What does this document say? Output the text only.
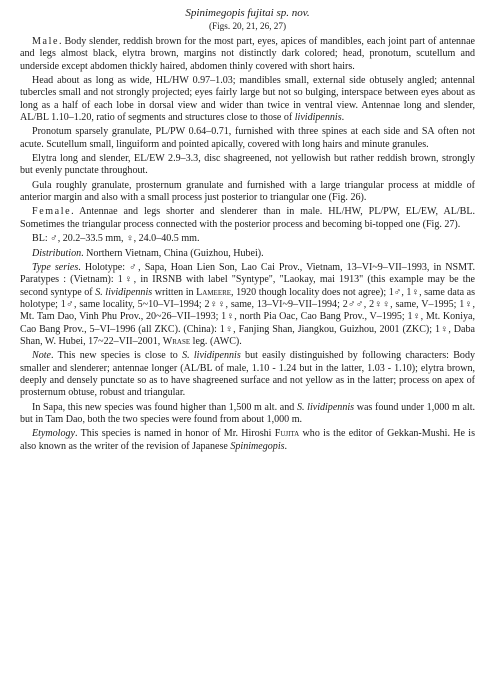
Spinimegopis fujitai sp. nov.
(Figs. 20, 21, 26, 27)

Male. Body slender, reddish brown for the most part, eyes, apices of mandibles, each joint part of antennae and legs almost black, elytra brown, margins not distinctly dark colored; head, pronotum, scutellum and underside except abdomen thickly haired, abdomen thinly covered with short hairs.

Head about as long as wide, HL/HW 0.97–1.03; mandibles small, external side obtusely angled; antennal tubercles small and not strongly projected; eyes fairly large but not so bulging, interspace between eyes about as long as a half of each lobe in dorsal view and wider than twice in ventral view. Antennae long and slender, AL/BL 1.10–1.20, ratio of segments and structures close to those of lividipennis.

Pronotum sparsely granulate, PL/PW 0.64–0.71, furnished with three spines at each side and SA often not acute. Scutellum small, linguiform and pointed apically, covered with long hairs and minute granules.

Elytra long and slender, EL/EW 2.9–3.3, disc shagreened, not yellowish but rather reddish brown, strongly but evenly punctate throughout.

Gula roughly granulate, prosternum granulate and furnished with a large triangular process at middle of anterior margin and also with a small process just posterior to triangular one (Fig. 26).

Female. Antennae and legs shorter and slenderer than in male. HL/HW, PL/PW, EL/EW, AL/BL. Sometimes the triangular process connected with the posterior process and becoming bi-topped one (Fig. 27).

BL: ♂, 20.2–33.5 mm, ♀, 24.0–40.5 mm.

Distribution. Northern Vietnam, China (Guizhou, Hubei).

Type series. Holotype: ♂, Sapa, Hoan Lien Son, Lao Cai Prov., Vietnam, 13–VI~9–VII–1993, in NSMT. Paratypes : (Vietnam): 1♀, in IRSNB with label "Syntype", "Laokay, mai 1913" (this example may be the second syntype of S. lividipennis written in Lameere, 1920 though locality does not agree); 1♂, 1♀, same data as holotype; 1♂, same locality, 5~10–VI–1994; 2♀♀, same, 13–VI~9–VII–1994; 2♂♂, 2♀♀, same, V–1995; 1♀, Mt. Tam Dao, Vinh Phu Prov., 20~26–VII–1993; 1♀, north Pia Oac, Cao Bang Prov., V–1995; 1♀, Mt. Koniya, Cao Bang Prov., 5–VI–1996 (all ZKC). (China): 1♀, Fanjing Shan, Jiangkou, Guizhou, 2001 (ZKC); 1♀, Daba Shan, W. Hubei, 17~22–VII–2001, Wrase leg. (AWC).

Note. This new species is close to S. lividipennis but easily distinguished by following characters: Body smaller and slenderer; antennae longer (AL/BL of male, 1.10 - 1.24 but in the latter, 1.03 - 1.10); elytra brown, deeply and densely punctate so as to have shagreened surface and not yellow as in the latter; process on apex of prosternum obtuse, robust and triangular.

In Sapa, this new species was found higher than 1,500 m alt. and S. lividipennis was found under 1,000 m alt. but in Tam Dao, both the two species were found from about 1,000 m.

Etymology. This species is named in honor of Mr. Hiroshi Fujita who is the editor of Gekkan-Mushi. He is also known as the writer of the revision of Japanese Spinimegopis.
